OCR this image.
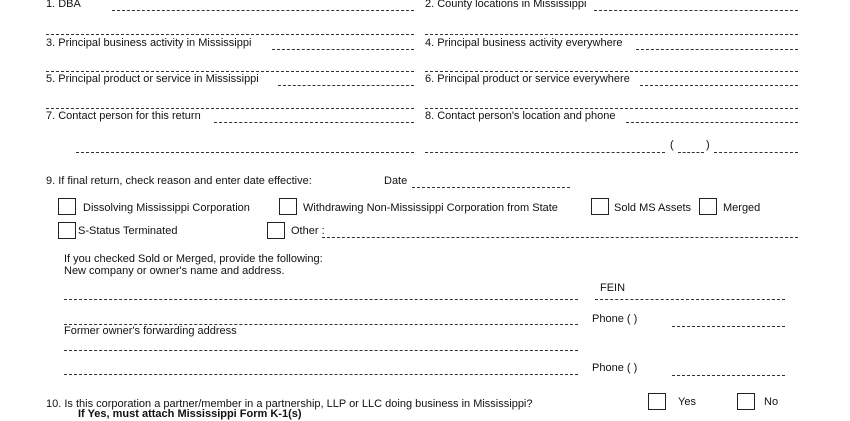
1. DBA	2. County locations in Mississippi
3. Principal business activity in Mississippi	4. Principal business activity everywhere
5. Principal product or service in Mississippi	6. Principal product or service everywhere
7. Contact person for this return	8. Contact person's location and phone
(	)
9. If final return, check reason and enter date effective:	Date
Dissolving Mississippi Corporation	Withdrawing Non-Mississippi Corporation from State	Sold MS Assets	Merged
S-Status Terminated	Other :
If you checked Sold or Merged, provide the following:
New company or owner's name and address.
FEIN
Phone ( )
Former owner's forwarding address
Phone ( )
10. Is this corporation a partner/member in a partnership, LLP or LLC doing business in Mississippi?
If Yes, must attach Mississippi Form K-1(s)
Yes	No
